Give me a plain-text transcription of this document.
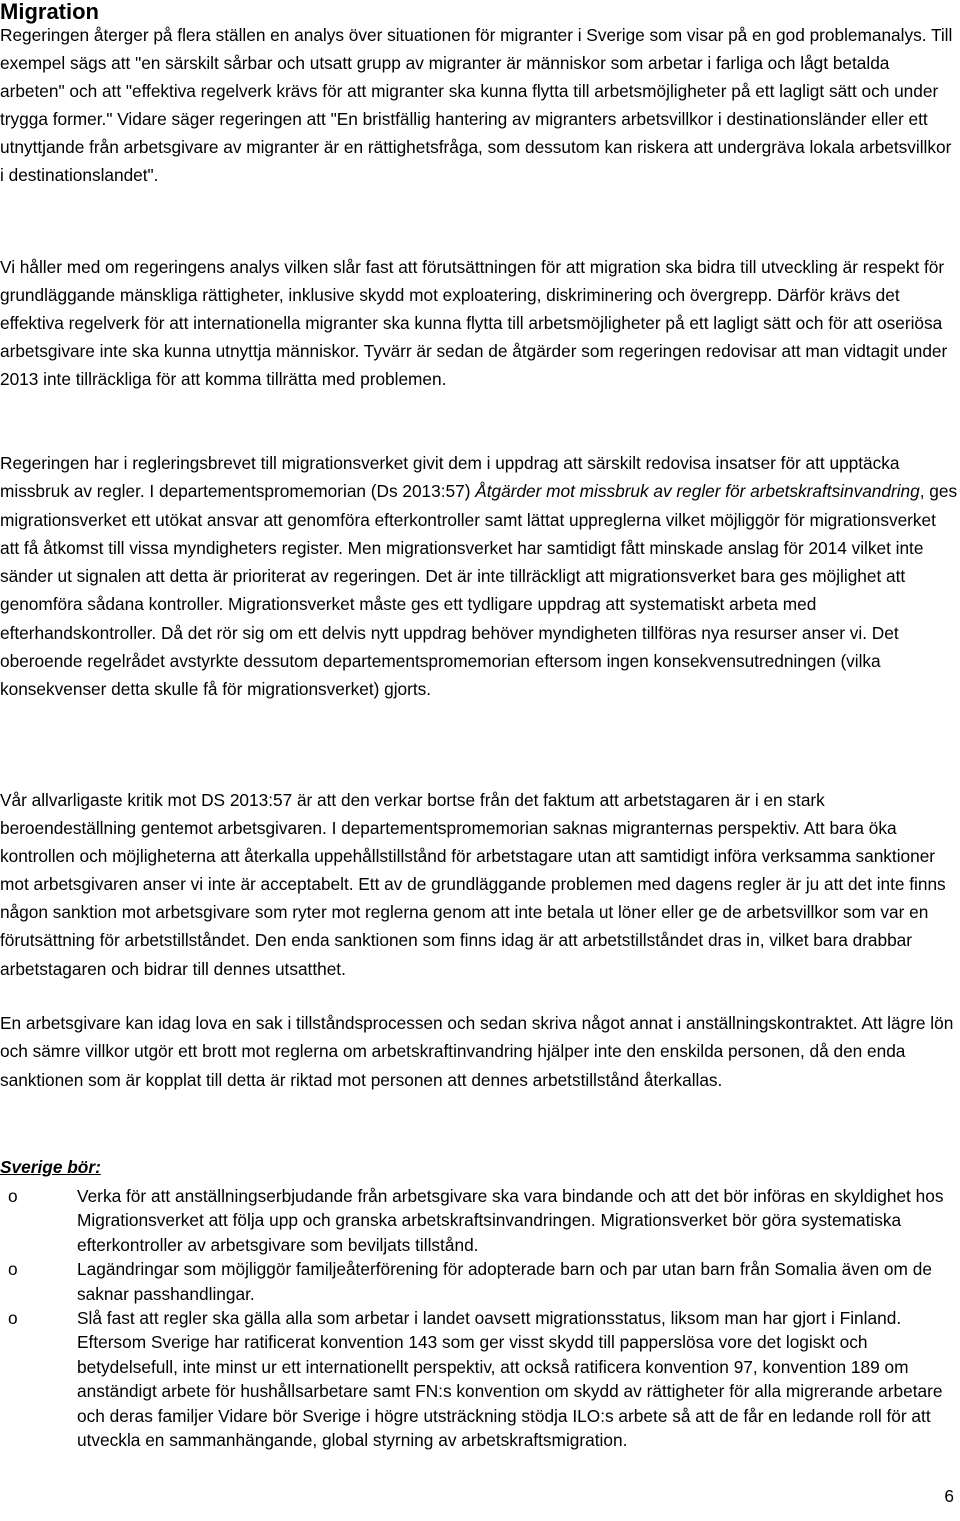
Migration

Regeringen återger på flera ställen en analys över situationen för migranter i Sverige som visar på en god problemanalys. Till exempel sägs att "en särskilt sårbar och utsatt grupp av migranter är människor som arbetar i farliga och lågt betalda arbeten" och att "effektiva regelverk krävs för att migranter ska kunna flytta till arbetsmöjligheter på ett lagligt sätt och under trygga former." Vidare säger regeringen att "En bristfällig hantering av migranters arbetsvillkor i destinationsländer eller ett utnyttjande från arbetsgivare av migranter är en rättighetsfråga, som dessutom kan riskera att undergräva lokala arbetsvillkor i destinationslandet".

Vi håller med om regeringens analys vilken slår fast att förutsättningen för att migration ska bidra till utveckling är respekt för grundläggande mänskliga rättigheter, inklusive skydd mot exploatering, diskriminering och övergrepp. Därför krävs det effektiva regelverk för att internationella migranter ska kunna flytta till arbetsmöjligheter på ett lagligt sätt och för att oseriösa arbetsgivare inte ska kunna utnyttja människor. Tyvärr är sedan de åtgärder som regeringen redovisar att man vidtagit under 2013 inte tillräckliga för att komma tillrätta med problemen.

Regeringen har i regleringsbrevet till migrationsverket givit dem i uppdrag att särskilt redovisa insatser för att upptäcka missbruk av regler. I departementspromemorian (Ds 2013:57) Åtgärder mot missbruk av regler för arbetskraftsinvandring, ges migrationsverket ett utökat ansvar att genomföra efterkontroller samt lättat uppreglerna vilket möjliggör för migrationsverket att få åtkomst till vissa myndigheters register. Men migrationsverket har samtidigt fått minskade anslag för 2014 vilket inte sänder ut signalen att detta är prioriterat av regeringen. Det är inte tillräckligt att migrationsverket bara ges möjlighet att genomföra sådana kontroller. Migrationsverket måste ges ett tydligare uppdrag att systematiskt arbeta med efterhandskontroller. Då det rör sig om ett delvis nytt uppdrag behöver myndigheten tillföras nya resurser anser vi. Det oberoende regelrådet avstyrkte dessutom departementspromemorian eftersom ingen konsekvensutredningen (vilka konsekvenser detta skulle få för migrationsverket) gjorts.

Vår allvarligaste kritik mot DS 2013:57 är att den verkar bortse från det faktum att arbetstagaren är i en stark beroendeställning gentemot arbetsgivaren. I departementspromemorian saknas migranternas perspektiv. Att bara öka kontrollen och möjligheterna att återkalla uppehållstillstånd för arbetstagare utan att samtidigt införa verksamma sanktioner mot arbetsgivaren anser vi inte är acceptabelt. Ett av de grundläggande problemen med dagens regler är ju att det inte finns någon sanktion mot arbetsgivare som ryter mot reglerna genom att inte betala ut löner eller ge de arbetsvillkor som var en förutsättning för arbetstillståndet. Den enda sanktionen som finns idag är att arbetstillståndet dras in, vilket bara drabbar arbetstagaren och bidrar till dennes utsatthet.

En arbetsgivare kan idag lova en sak i tillståndsprocessen och sedan skriva något annat i anställningskontraktet. Att lägre lön och sämre villkor utgör ett brott mot reglerna om arbetskraftinvandring hjälper inte den enskilda personen, då den enda sanktionen som är kopplat till detta är riktad mot personen att dennes arbetstillstånd återkallas.

Sverige bör:
o	Verka för att anställningserbjudande från arbetsgivare ska vara bindande och att det bör införas en skyldighet hos Migrationsverket att följa upp och granska arbetskraftsinvandringen. Migrationsverket bör göra systematiska efterkontroller av arbetsgivare som beviljats tillstånd.
o	Lagändringar som möjliggör familjeåterförening för adopterade barn och par utan barn från Somalia även om de saknar passhandlingar.
o	Slå fast att regler ska gälla alla som arbetar i landet oavsett migrationsstatus, liksom man har gjort i Finland. Eftersom Sverige har ratificerat konvention 143 som ger visst skydd till papperslösa vore det logiskt och betydelsefull, inte minst ur ett internationellt perspektiv, att också ratificera konvention 97, konvention 189 om anständigt arbete för hushållsarbetare samt FN:s konvention om skydd av rättigheter för alla migrerande arbetare och deras familjer Vidare bör Sverige i högre utsträckning stödja ILO:s arbete så att de får en ledande roll för att utveckla en sammanhängande, global styrning av arbetskraftsmigration.
6
